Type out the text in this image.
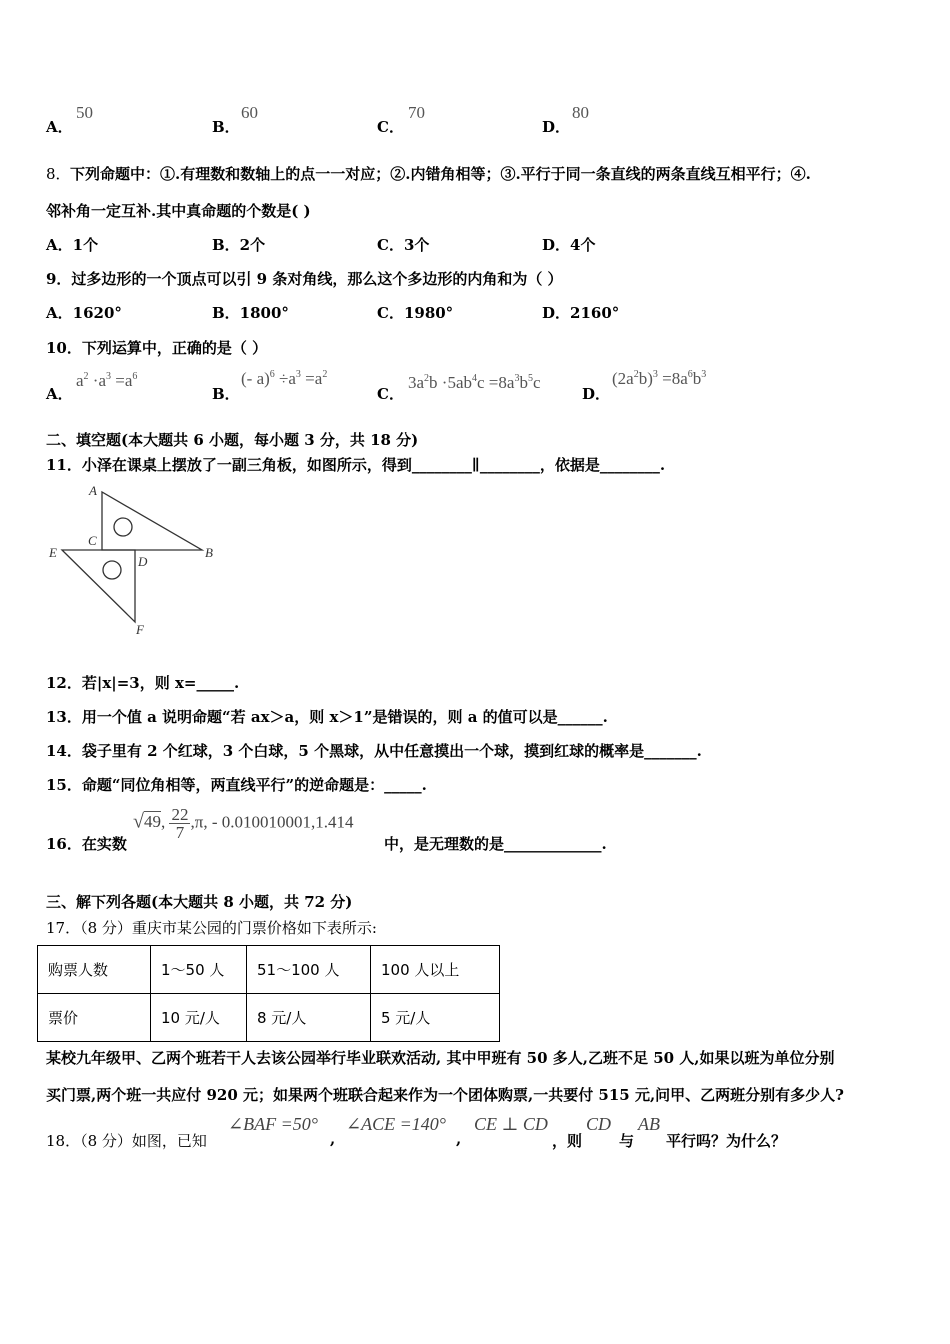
A．
50
B．
60
C．
70
D．
80
8． 下列命题中：①.有理数和数轴上的点一一对应；②.内错角相等；③.平行于同一条直线的两条直线互相平行；④.
邻补角一定互补.其中真命题的个数是( )
A．1个	B．2个	C．3个	D．4个
9．过多边形的一个顶点可以引 9 条对角线，那么这个多边形的内角和为（ ）
A．1620°	B．1800°	C．1980°	D．2160°
10．下列运算中，正确的是（ ）
A．
$a^2 \cdot a^3 =a^6$
B．
(- $a)^6 \div a^3 =a^2$
C．
$3a^2b \cdot 5ab^4c =8a^3b^5c$
D．
$(2a^2b)^3 =8a^6b^3$
二、填空题(本大题共 6 小题，每小题 3 分，共 18 分)
11．小泽在课桌上摆放了一副三角板，如图所示，得到________∥________，依据是________.
A
C
E
D
B
F
12．若|x|=3，则 x=_____.
13．用一个值 a 说明命题“若 ax＞a，则 x＞1”是错误的，则 a 的值可以是______.
14．袋子里有 2 个红球，3 个白球，5 个黑球，从中任意摸出一个球，摸到红球的概率是_______.
15．命题“同位角相等，两直线平行”的逆命题是：_____.
16．在实数
√49, $\frac{22}{7} ,\pi$, - 0.010010001,1.414
中，是无理数的是_____________.
三、解下列各题(本大题共 8 小题，共 72 分)
17．（8 分）重庆市某公园的门票价格如下表所示:
购票人数	1～50 人	51～100 人	100 人以上
票价	10 元/人	8 元/人	5 元/人
某校九年级甲、乙两个班若干人去该公园举行毕业联欢活动, 其中甲班有 50 多人,乙班不足 50 人,如果以班为单位分别
买门票,两个班一共应付 920 元；如果两个班联合起来作为一个团体购票,一共要付 515 元,问甲、乙两班分别有多少人?
18．（8 分）如图，已知
∠BAF =50°
,
∠ACE =140°
,
CE ⊥ CD
，则
CD
与
AB
平行吗？为什么？
